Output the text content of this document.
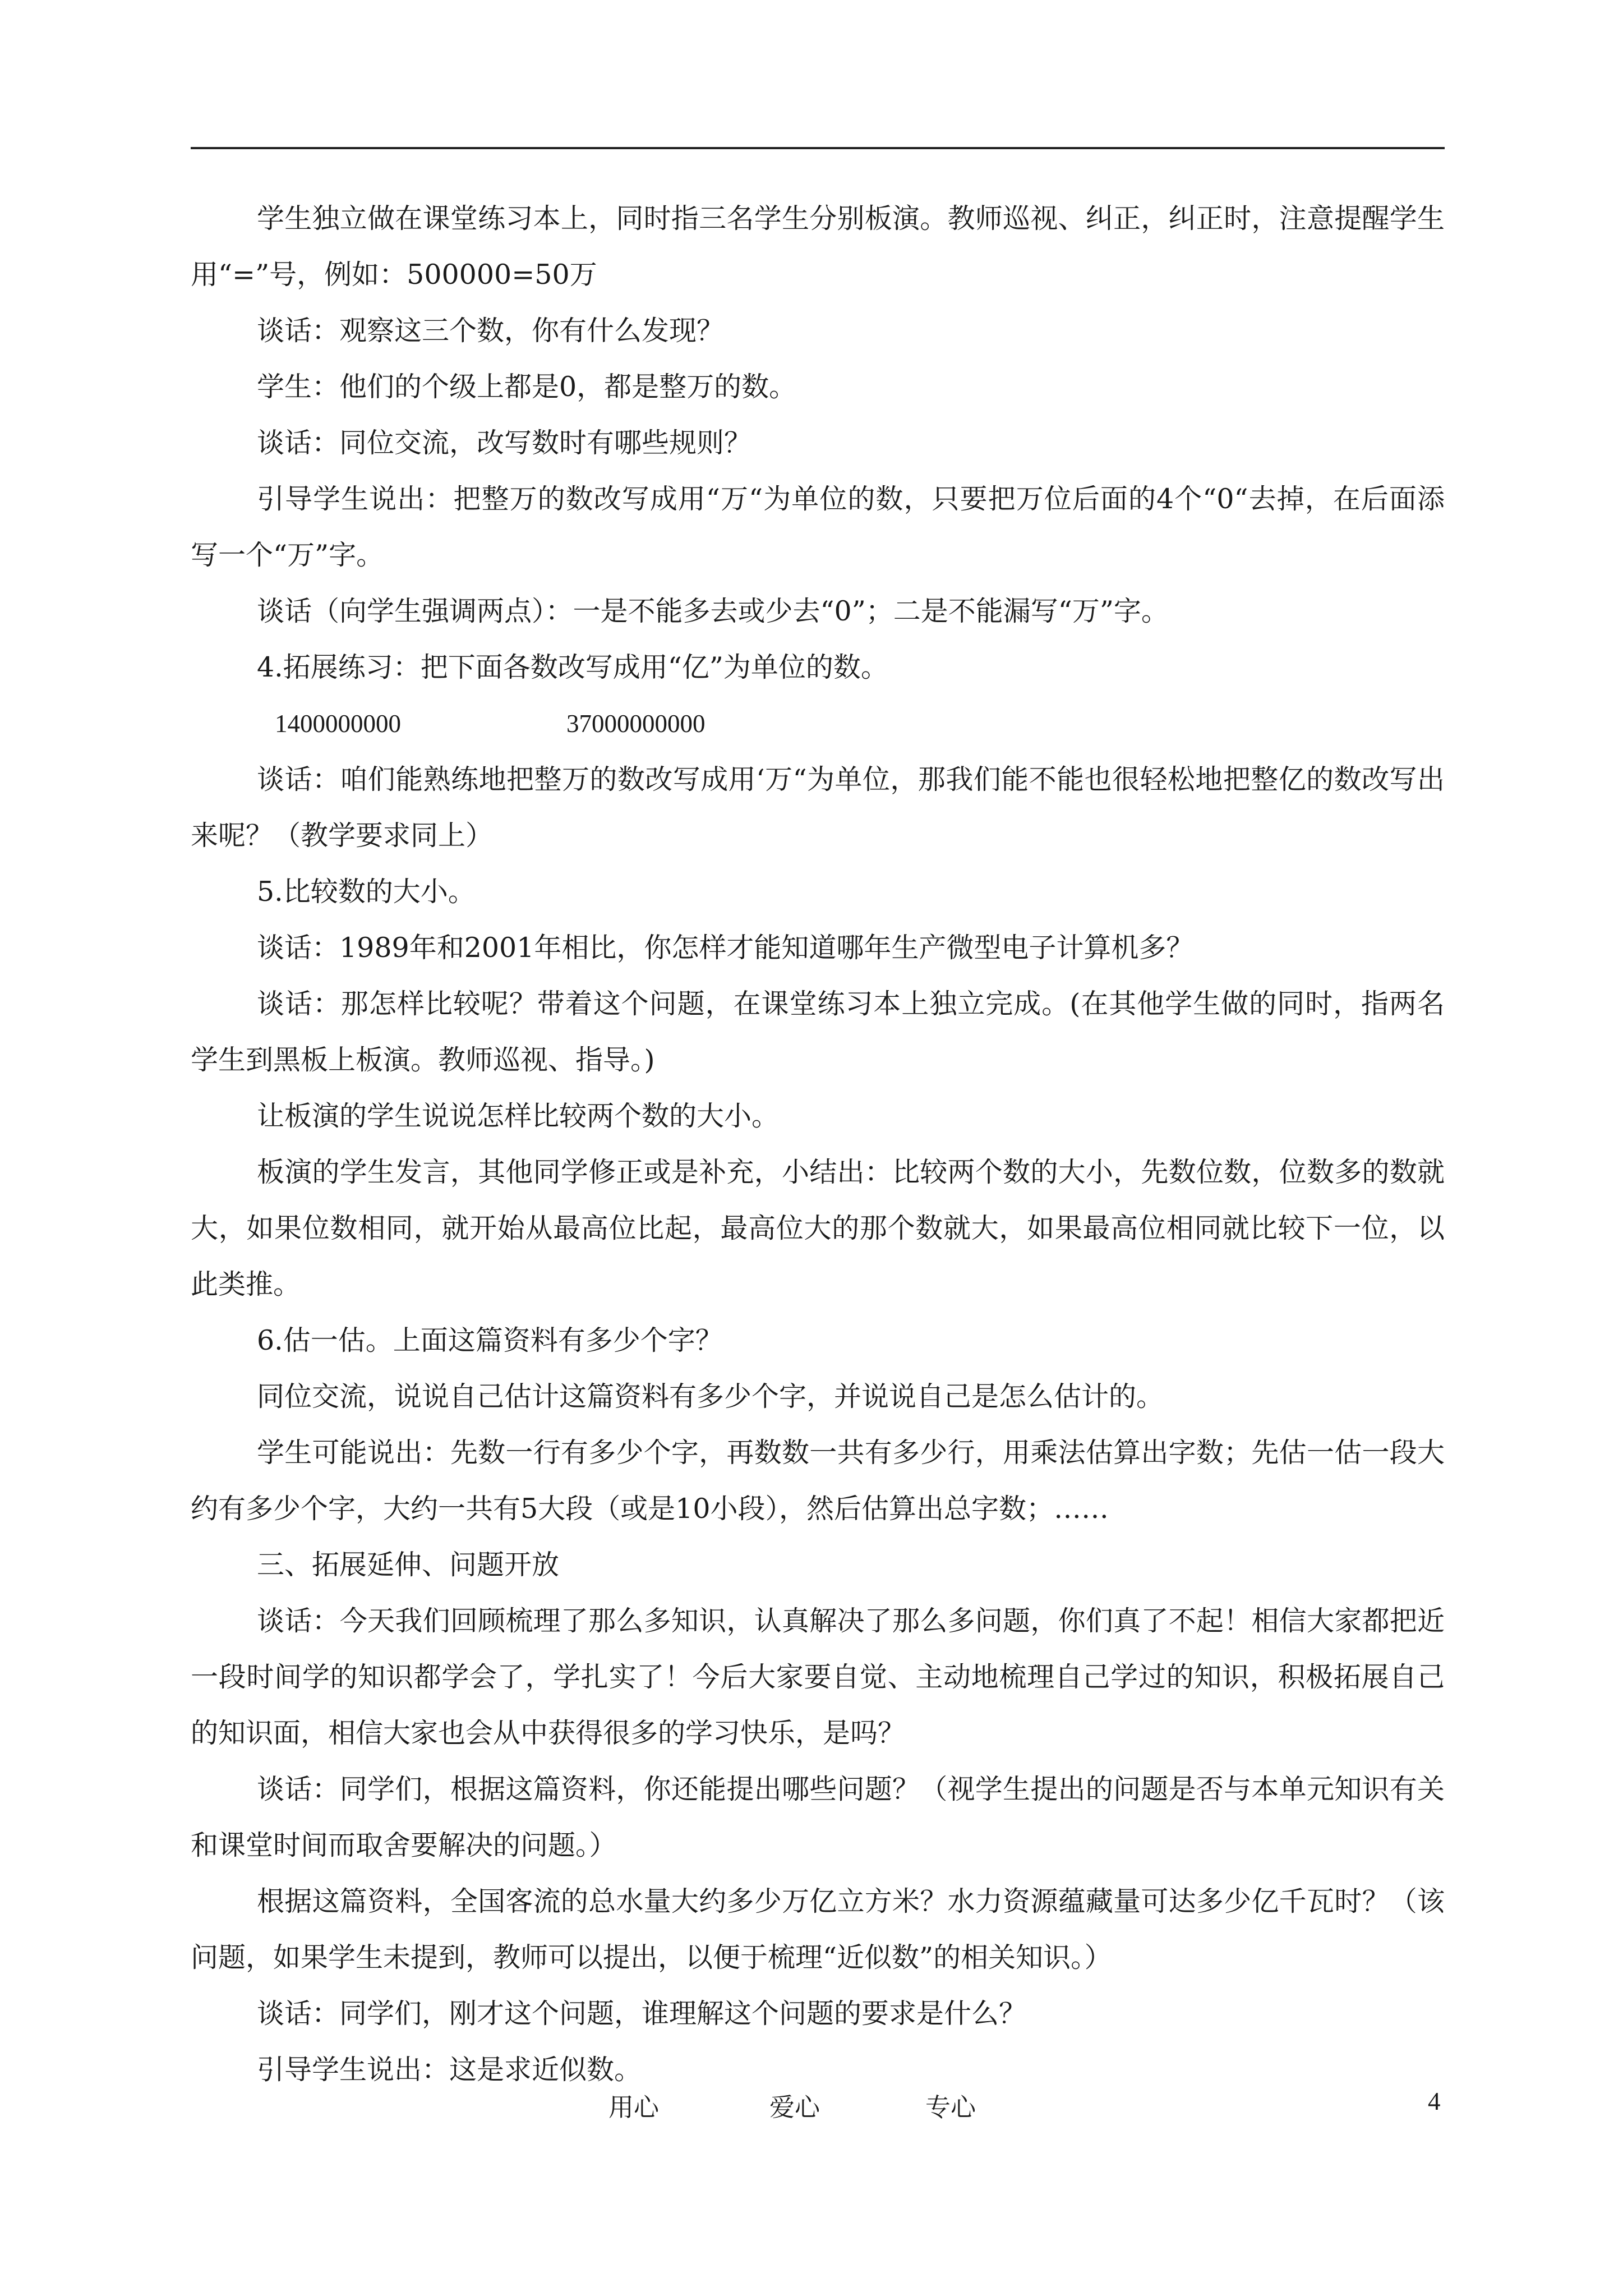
学生独立做在课堂练习本上，同时指三名学生分别板演。教师巡视、纠正，纠正时，注意提醒学生用“=”号，例如：500000=50万

谈话：观察这三个数，你有什么发现？

学生：他们的个级上都是0，都是整万的数。

谈话：同位交流，改写数时有哪些规则？

引导学生说出：把整万的数改写成用“万“为单位的数，只要把万位后面的4个“0“去掉，在后面添写一个“万”字。

谈话（向学生强调两点）：一是不能多去或少去“0”；二是不能漏写“万”字。

4.拓展练习：把下面各数改写成用“亿”为单位的数。

1400000000	37000000000

谈话：咱们能熟练地把整万的数改写成用‘万“为单位，那我们能不能也很轻松地把整亿的数改写出来呢？（教学要求同上）

5.比较数的大小。

谈话：1989年和2001年相比，你怎样才能知道哪年生产微型电子计算机多？

谈话：那怎样比较呢？带着这个问题，在课堂练习本上独立完成。(在其他学生做的同时，指两名学生到黑板上板演。教师巡视、指导。)

让板演的学生说说怎样比较两个数的大小。

板演的学生发言，其他同学修正或是补充，小结出：比较两个数的大小，先数位数，位数多的数就大，如果位数相同，就开始从最高位比起，最高位大的那个数就大，如果最高位相同就比较下一位，以此类推。

6.估一估。上面这篇资料有多少个字？

同位交流，说说自己估计这篇资料有多少个字，并说说自己是怎么估计的。

学生可能说出：先数一行有多少个字，再数数一共有多少行，用乘法估算出字数；先估一估一段大约有多少个字，大约一共有5大段（或是10小段），然后估算出总字数；……

三、拓展延伸、问题开放

谈话：今天我们回顾梳理了那么多知识，认真解决了那么多问题，你们真了不起！相信大家都把近一段时间学的知识都学会了，学扎实了！今后大家要自觉、主动地梳理自己学过的知识，积极拓展自己的知识面，相信大家也会从中获得很多的学习快乐，是吗？

谈话：同学们，根据这篇资料，你还能提出哪些问题？（视学生提出的问题是否与本单元知识有关和课堂时间而取舍要解决的问题。）

根据这篇资料，全国客流的总水量大约多少万亿立方米？水力资源蕴藏量可达多少亿千瓦时？（该问题，如果学生未提到，教师可以提出，以便于梳理“近似数”的相关知识。）

谈话：同学们，刚才这个问题，谁理解这个问题的要求是什么？

引导学生说出：这是求近似数。

用心	爱心	专心	4
